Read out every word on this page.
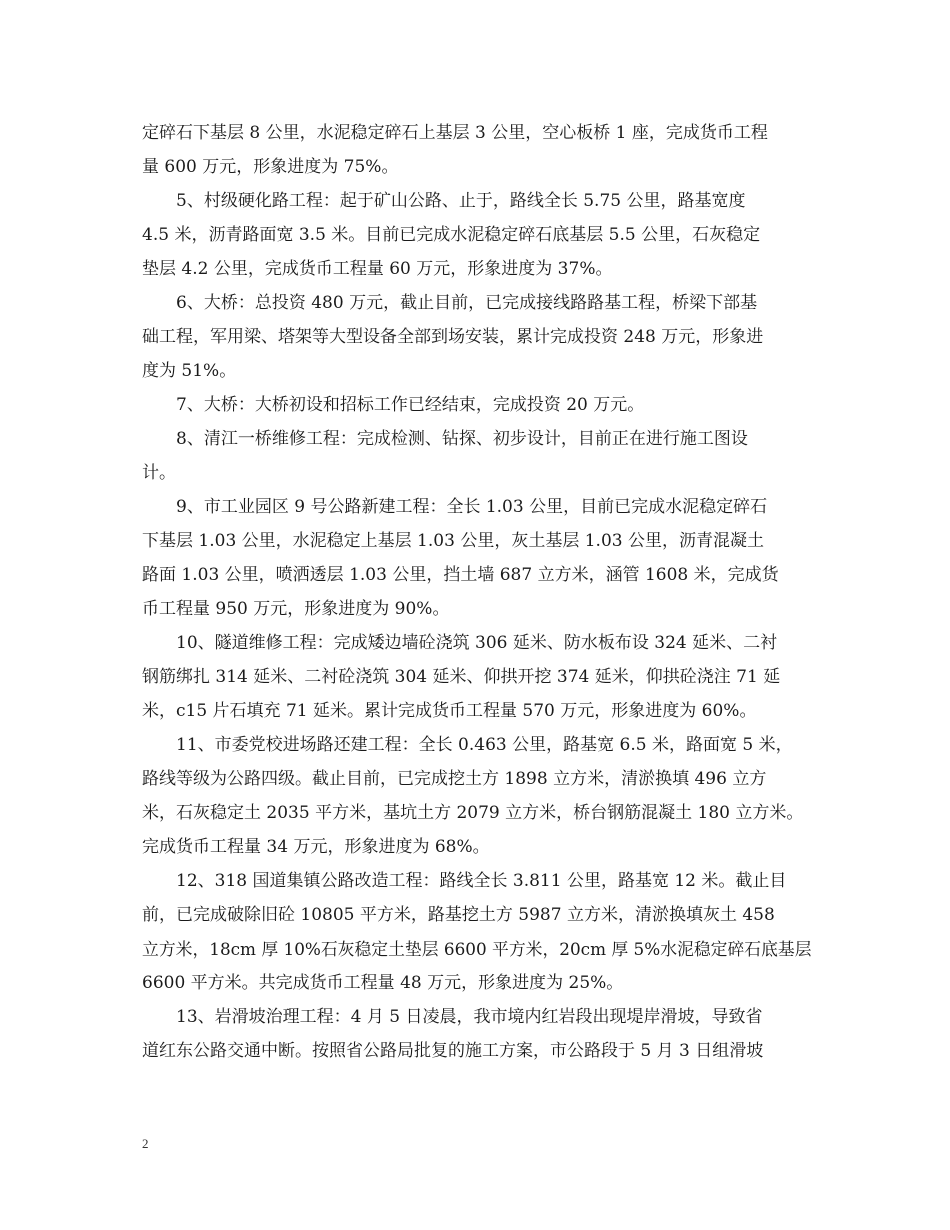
定碎石下基层 8 公里，水泥稳定碎石上基层 3 公里，空心板桥 1 座，完成货币工程
量 600 万元，形象进度为 75%。
5、村级硬化路工程：起于矿山公路、止于，路线全长 5.75 公里，路基宽度
4.5 米，沥青路面宽 3.5 米。目前已完成水泥稳定碎石底基层 5.5 公里，石灰稳定
垫层 4.2 公里，完成货币工程量 60 万元，形象进度为 37%。
6、大桥：总投资 480 万元，截止目前，已完成接线路路基工程，桥梁下部基
础工程，军用梁、塔架等大型设备全部到场安装，累计完成投资 248 万元，形象进
度为 51%。
7、大桥：大桥初设和招标工作已经结束，完成投资 20 万元。
8、清江一桥维修工程：完成检测、钻探、初步设计，目前正在进行施工图设
计。
9、市工业园区 9 号公路新建工程：全长 1.03 公里，目前已完成水泥稳定碎石
下基层 1.03 公里，水泥稳定上基层 1.03 公里，灰土基层 1.03 公里，沥青混凝土
路面 1.03 公里，喷洒透层 1.03 公里，挡土墙 687 立方米，涵管 1608 米，完成货
币工程量 950 万元，形象进度为 90%。
10、隧道维修工程：完成矮边墙砼浇筑 306 延米、防水板布设 324 延米、二衬
钢筋绑扎 314 延米、二衬砼浇筑 304 延米、仰拱开挖 374 延米，仰拱砼浇注 71 延
米，c15 片石填充 71 延米。累计完成货币工程量 570 万元，形象进度为 60%。
11、市委党校进场路还建工程：全长 0.463 公里，路基宽 6.5 米，路面宽 5 米，
路线等级为公路四级。截止目前，已完成挖土方 1898 立方米，清淤换填 496 立方
米，石灰稳定土 2035 平方米，基坑土方 2079 立方米，桥台钢筋混凝土 180 立方米。
完成货币工程量 34 万元，形象进度为 68%。
12、318 国道集镇公路改造工程：路线全长 3.811 公里，路基宽 12 米。截止目
前，已完成破除旧砼 10805 平方米，路基挖土方 5987 立方米，清淤换填灰土 458
立方米，18cm 厚 10%石灰稳定土垫层 6600 平方米，20cm 厚 5%水泥稳定碎石底基层
6600 平方米。共完成货币工程量 48 万元，形象进度为 25%。
13、岩滑坡治理工程：4 月 5 日凌晨，我市境内红岩段出现堤岸滑坡，导致省
道红东公路交通中断。按照省公路局批复的施工方案，市公路段于 5 月 3 日组滑坡
2
